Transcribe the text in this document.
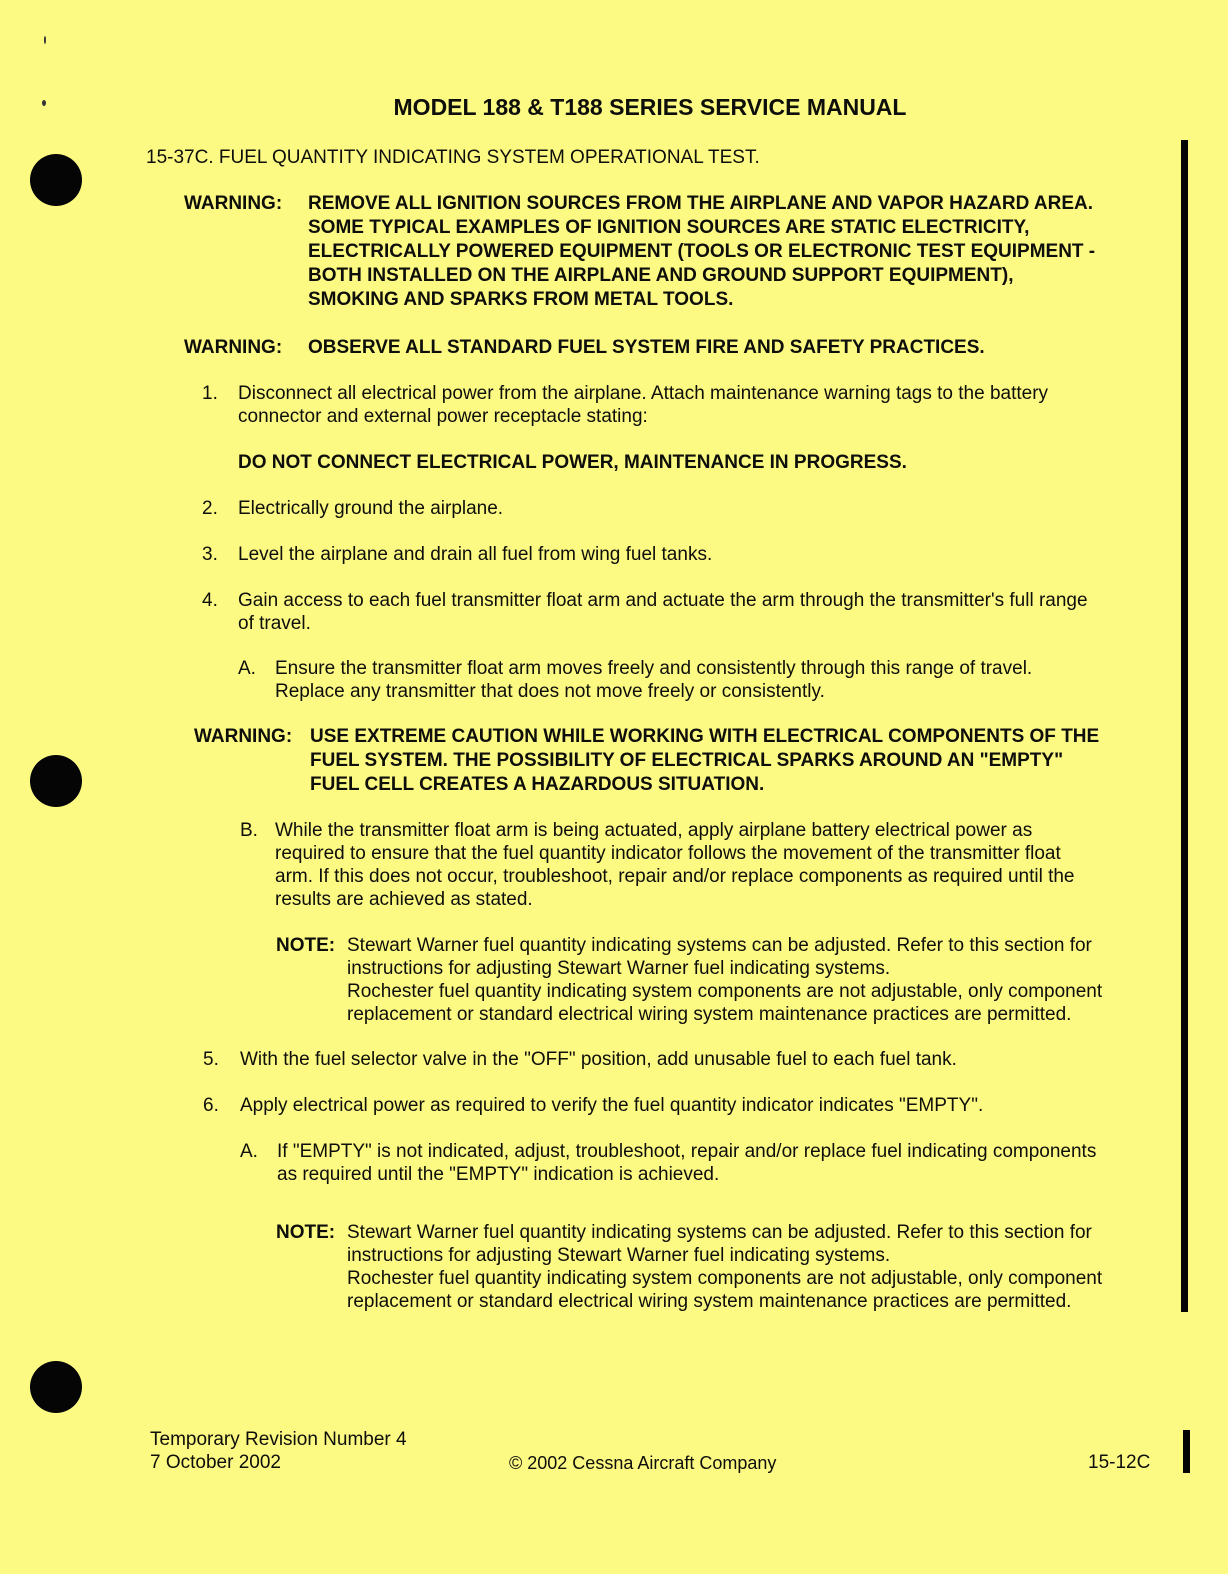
MODEL 188 & T188 SERIES SERVICE MANUAL
15-37C. FUEL QUANTITY INDICATING SYSTEM OPERATIONAL TEST.
WARNING: REMOVE ALL IGNITION SOURCES FROM THE AIRPLANE AND VAPOR HAZARD AREA.
SOME TYPICAL EXAMPLES OF IGNITION SOURCES ARE STATIC ELECTRICITY,
ELECTRICALLY POWERED EQUIPMENT (TOOLS OR ELECTRONIC TEST EQUIPMENT -
BOTH INSTALLED ON THE AIRPLANE AND GROUND SUPPORT EQUIPMENT),
SMOKING AND SPARKS FROM METAL TOOLS.
WARNING: OBSERVE ALL STANDARD FUEL SYSTEM FIRE AND SAFETY PRACTICES.
1. Disconnect all electrical power from the airplane. Attach maintenance warning tags to the battery
connector and external power receptacle stating:
DO NOT CONNECT ELECTRICAL POWER, MAINTENANCE IN PROGRESS.
2. Electrically ground the airplane.
3. Level the airplane and drain all fuel from wing fuel tanks.
4. Gain access to each fuel transmitter float arm and actuate the arm through the transmitter's full range
of travel.
A. Ensure the transmitter float arm moves freely and consistently through this range of travel.
Replace any transmitter that does not move freely or consistently.
WARNING: USE EXTREME CAUTION WHILE WORKING WITH ELECTRICAL COMPONENTS OF THE
FUEL SYSTEM. THE POSSIBILITY OF ELECTRICAL SPARKS AROUND AN "EMPTY"
FUEL CELL CREATES A HAZARDOUS SITUATION.
B. While the transmitter float arm is being actuated, apply airplane battery electrical power as
required to ensure that the fuel quantity indicator follows the movement of the transmitter float
arm. If this does not occur, troubleshoot, repair and/or replace components as required until the
results are achieved as stated.
NOTE: Stewart Warner fuel quantity indicating systems can be adjusted. Refer to this section for
instructions for adjusting Stewart Warner fuel indicating systems.
Rochester fuel quantity indicating system components are not adjustable, only component
replacement or standard electrical wiring system maintenance practices are permitted.
5. With the fuel selector valve in the "OFF" position, add unusable fuel to each fuel tank.
6. Apply electrical power as required to verify the fuel quantity indicator indicates "EMPTY".
A. If "EMPTY" is not indicated, adjust, troubleshoot, repair and/or replace fuel indicating components
as required until the "EMPTY" indication is achieved.
NOTE: Stewart Warner fuel quantity indicating systems can be adjusted. Refer to this section for
instructions for adjusting Stewart Warner fuel indicating systems.
Rochester fuel quantity indicating system components are not adjustable, only component
replacement or standard electrical wiring system maintenance practices are permitted.
Temporary Revision Number 4
7 October 2002	© 2002 Cessna Aircraft Company	15-12C
